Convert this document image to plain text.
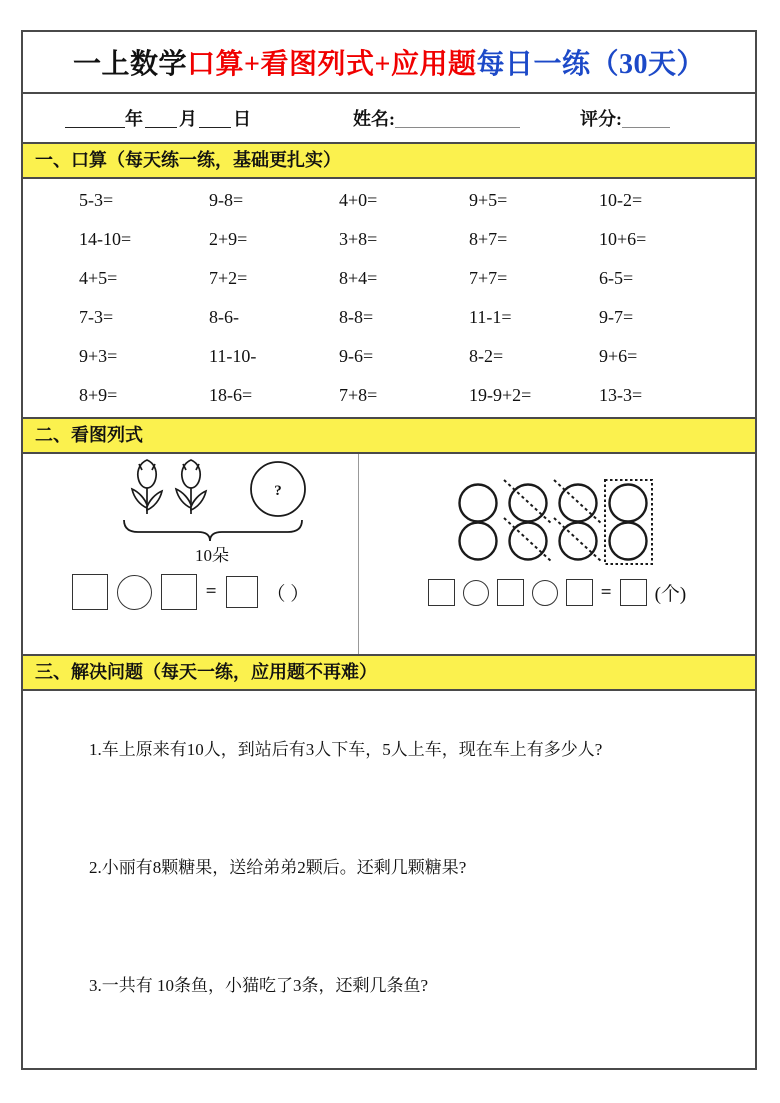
一上数学 口算+看图列式+应用题 每日一练（30天）
年 月 日	姓名:	评分:
一、口算（每天练一练，基础更扎实）
5-3=	9-8=	4+0=	9+5=	10-2=
14-10=	2+9=	3+8=	8+7=	10+6=
4+5=	7+2=	8+4=	7+7=	6-5=
7-3=	8-6-	8-8=	11-1=	9-7=
9+3=	11-10-	9-6=	8-2=	9+6=
8+9=	18-6=	7+8=	19-9+2=	13-3=
二、看图列式
?
10朵
=	（ ）	= (个)
三、解决问题（每天一练，应用题不再难）

1.车上原来有10人，到站后有3人下车，5人上车，现在车上有多少人?

2.小丽有8颗糖果，送给弟弟2颗后。还剩几颗糖果?

3.一共有 10条鱼，小猫吃了3条，还剩几条鱼?
